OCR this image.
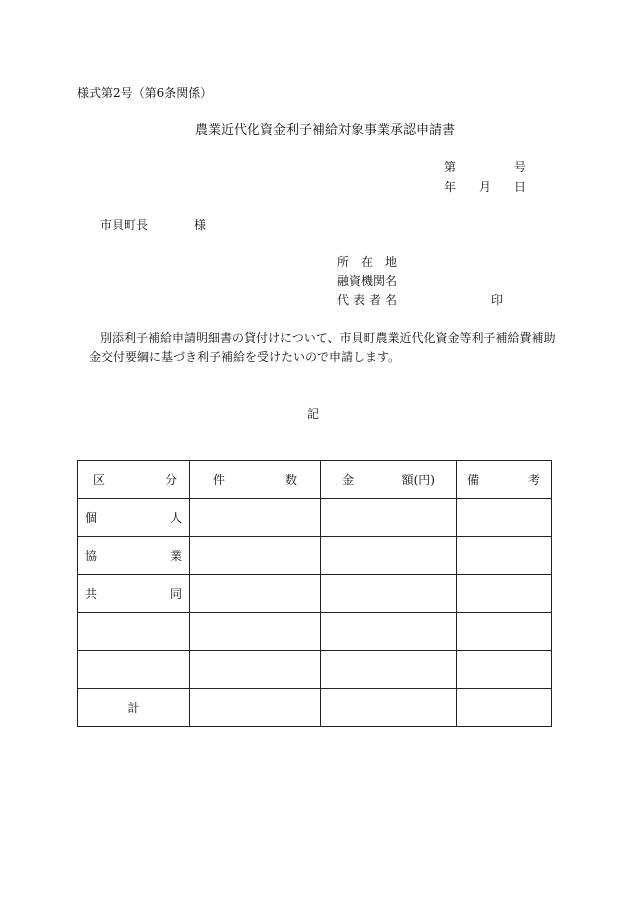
様式第2号（第6条関係）
農業近代化資金利子補給対象事業承認申請書
第	号
年 月 日
市貝町長	様
所 在 地
融資機関名
代 表 者 名	印
別添利子補給申請明細書の貸付けについて、市貝町農業近代化資金等利子補給費補助
金交付要綱に基づき利子補給を受けたいので申請します。
記
区 分	件 数	金 額(円)	備 考

個 人			

協 業			

共 同			

計			
